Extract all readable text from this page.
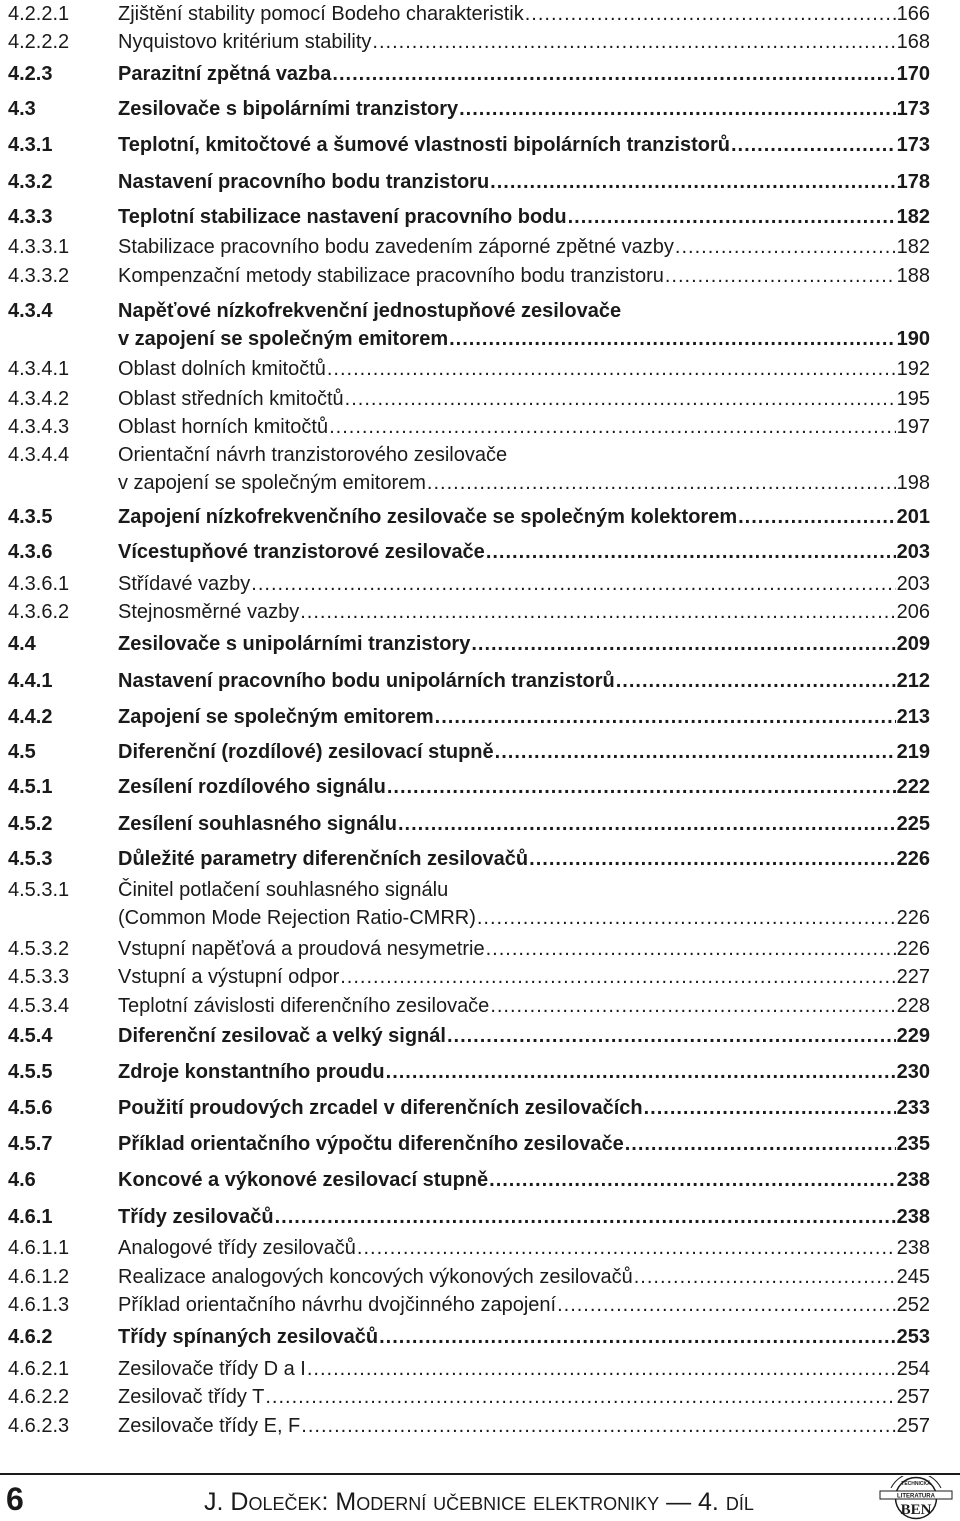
4.2.2.1 Zjištění stability pomocí Bodeho charakteristik .....	166
4.2.2.2 Nyquistovo kritérium stability .....	168
4.2.3	Parazitní zpětná vazba .....	170
4.3	Zesilovače s bipolárními tranzistory .....	173
4.3.1	Teplotní, kmitočtové a šumové vlastnosti bipolárních tranzistorů .....	173
4.3.2	Nastavení pracovního bodu tranzistoru .....	178
4.3.3	Teplotní stabilizace nastavení pracovního bodu .....	182
4.3.3.1 Stabilizace pracovního bodu zavedením záporné zpětné vazby .....	182
4.3.3.2 Kompenzační metody stabilizace pracovního bodu tranzistoru .....	188
4.3.4	Napěťové nízkofrekvenční jednostupňové zesilovače
v zapojení se společným emitorem .....	190
4.3.4.1 Oblast dolních kmitočtů .....	192
4.3.4.2 Oblast středních kmitočtů .....	195
4.3.4.3 Oblast horních kmitočtů .....	197
4.3.4.4 Orientační návrh tranzistorového zesilovače
v zapojení se společným emitorem .....	198
4.3.5	Zapojení nízkofrekvenčního zesilovače se společným kolektorem .....	201
4.3.6	Vícestupňové tranzistorové zesilovače .....	203
4.3.6.1 Střídavé vazby .....	203
4.3.6.2 Stejnosměrné vazby .....	206
4.4	Zesilovače s unipolárními tranzistory .....	209
4.4.1	Nastavení pracovního bodu unipolárních tranzistorů .....	212
4.4.2	Zapojení se společným emitorem .....	213
4.5	Diferenční (rozdílové) zesilovací stupně .....	219
4.5.1	Zesílení rozdílového signálu .....	222
4.5.2	Zesílení souhlasného signálu .....	225
4.5.3	Důležité parametry diferenčních zesilovačů .....	226
4.5.3.1 Činitel potlačení souhlasného signálu
(Common Mode Rejection Ratio-CMRR) .....	226
4.5.3.2 Vstupní napěťová a proudová nesymetrie .....	226
4.5.3.3 Vstupní a výstupní odpor .....	227
4.5.3.4 Teplotní závislosti diferenčního zesilovače .....	228
4.5.4	Diferenční zesilovač a velký signál .....	229
4.5.5	Zdroje konstantního proudu .....	230
4.5.6	Použití proudových zrcadel v diferenčních zesilovačích .....	233
4.5.7	Příklad orientačního výpočtu diferenčního zesilovače .....	235
4.6	Koncové a výkonové zesilovací stupně .....	238
4.6.1	Třídy zesilovačů .....	238
4.6.1.1 Analogové třídy zesilovačů .....	238
4.6.1.2 Realizace analogových koncových výkonových zesilovačů .....	245
4.6.1.3 Příklad orientačního návrhu dvojčinného zapojení .....	252
4.6.2	Třídy spínaných zesilovačů .....	253
4.6.2.1 Zesilovače třídy D a I .....	254
4.6.2.2 Zesilovač třídy T .....	257
4.6.2.3 Zesilovače třídy E, F .....	257
6	J. Doleček: Moderní učebnice elektroniky — 4. díl
TECHNICKÁ
LITERATURA
BEN
